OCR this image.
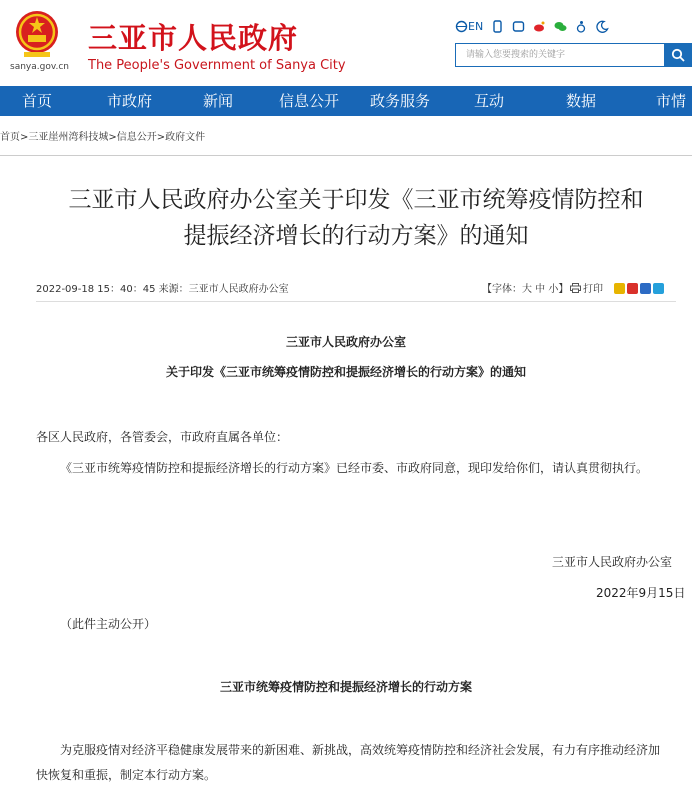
sanya.gov.cn
三亚市人民政府
The People's Government of Sanya City
EN
请输入您要搜索的关键字
首页	市政府	新闻	信息公开 政务服务	互动	数据	市情
首页>三亚崖州湾科技城>信息公开>政府文件
三亚市人民政府办公室关于印发《三亚市统筹疫情防控和
提振经济增长的行动方案》的通知
2022-09-18 15：40：45 来源：三亚市人民政府办公室	【字体：大 中 小】 打印
三亚市人民政府办公室
关于印发《三亚市统筹疫情防控和提振经济增长的行动方案》的通知
各区人民政府，各管委会，市政府直属各单位：
《三亚市统筹疫情防控和提振经济增长的行动方案》已经市委、市政府同意，现印发给你们，请认真贯彻执行。
三亚市人民政府办公室
2022年9月15日
（此件主动公开）
三亚市统筹疫情防控和提振经济增长的行动方案
为克服疫情对经济平稳健康发展带来的新困难、新挑战，高效统筹疫情防控和经济社会发展，有力有序推动经济加
快恢复和重振，制定本行动方案。
